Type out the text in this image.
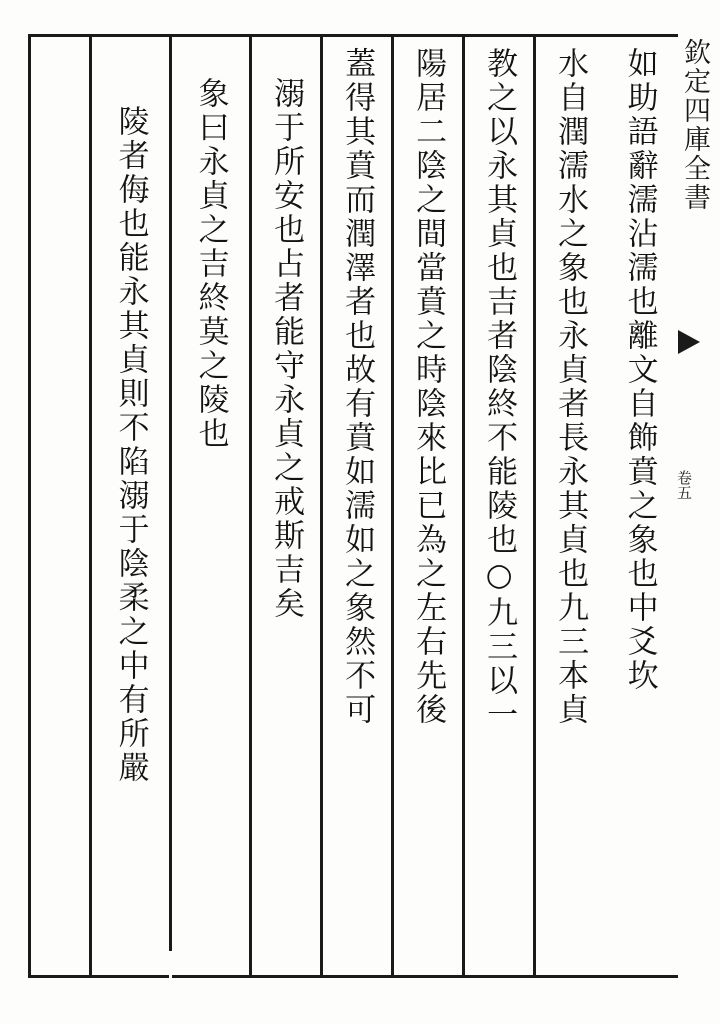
欽定四庫全書
卷五
如助語辭濡沾濡也離文自飾賁之象也中爻坎
水自潤濡水之象也永貞者長永其貞也九三本貞
教之以永其貞也吉者陰終不能陵也○九三以一
陽居二陰之間當賁之時陰來比已為之左右先後
蓋得其賁而潤澤者也故有賁如濡如之象然不可
溺于所安也占者能守永貞之戒斯吉矣
象曰永貞之吉終莫之陵也
陵者侮也能永其貞則不陷溺于陰柔之中有所嚴
